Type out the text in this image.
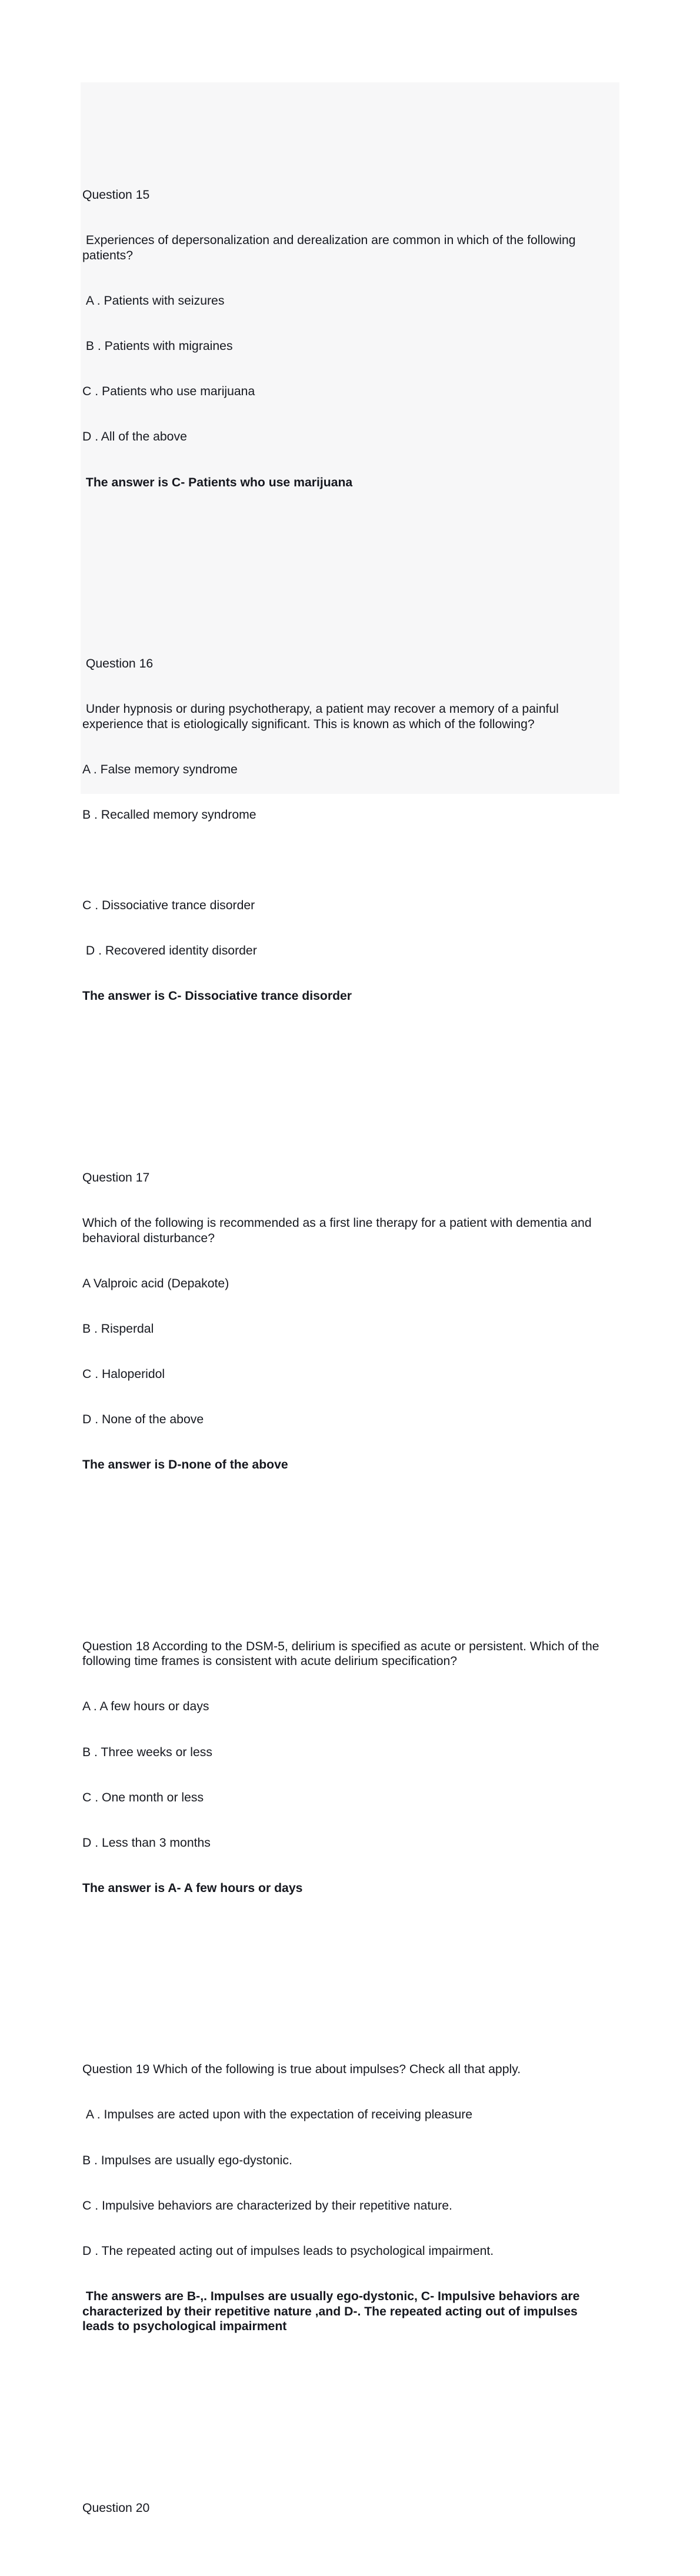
Question 15

Experiences of depersonalization and derealization are common in which of the following patients?

A . Patients with seizures

B . Patients with migraines

C . Patients who use marijuana

D . All of the above

The answer is C- Patients who use marijuana

Question 16

Under hypnosis or during psychotherapy, a patient may recover a memory of a painful experience that is etiologically significant. This is known as which of the following?

A . False memory syndrome

B . Recalled memory syndrome

C . Dissociative trance disorder

D . Recovered identity disorder

The answer is C- Dissociative trance disorder

Question 17

Which of the following is recommended as a first line therapy for a patient with dementia and behavioral disturbance?

A Valproic acid (Depakote)

B . Risperdal

C . Haloperidol

D . None of the above

The answer is D-none of the above

Question 18 According to the DSM-5, delirium is specified as acute or persistent. Which of the following time frames is consistent with acute delirium specification?

A . A few hours or days

B . Three weeks or less

C . One month or less

D . Less than 3 months

The answer is A- A few hours or days

Question 19 Which of the following is true about impulses? Check all that apply.

A . Impulses are acted upon with the expectation of receiving pleasure

B . Impulses are usually ego-dystonic.

C . Impulsive behaviors are characterized by their repetitive nature.

D . The repeated acting out of impulses leads to psychological impairment.

The answers are B-,. Impulses are usually ego-dystonic, C- Impulsive behaviors are characterized by their repetitive nature ,and D-. The repeated acting out of impulses leads to psychological impairment

Question 20
